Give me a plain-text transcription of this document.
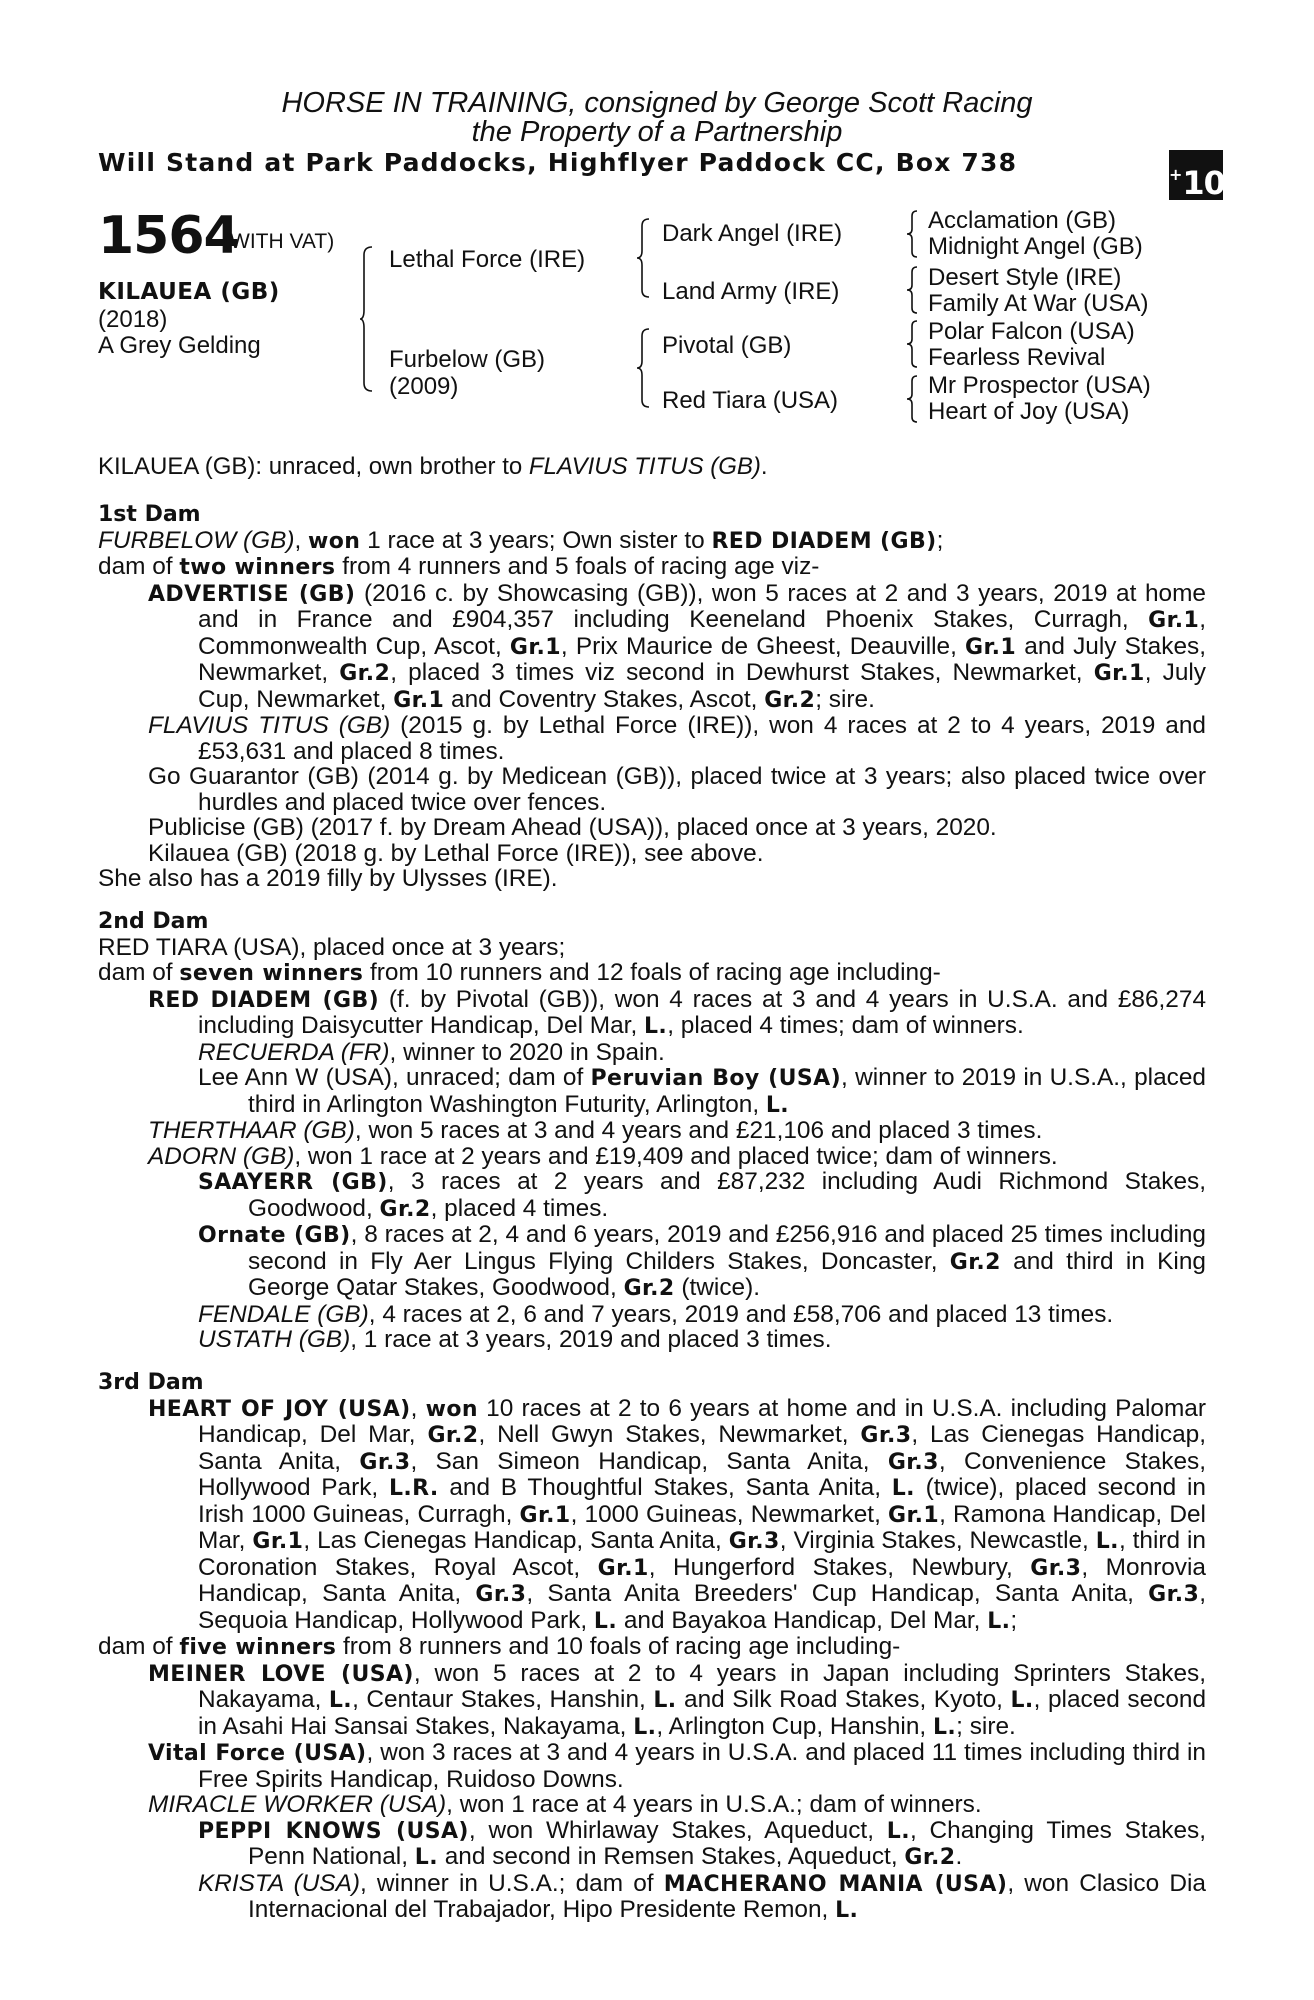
HORSE IN TRAINING, consigned by George Scott Racing
the Property of a Partnership
Will Stand at Park Paddocks, Highflyer Paddock CC, Box 738	+10
1564
(WITH VAT)
KILAUEA (GB)
(2018)
A Grey Gelding
Lethal Force (IRE)
Furbelow (GB)
(2009)
Dark Angel (IRE)
Land Army (IRE)
Pivotal (GB)
Red Tiara (USA)
Acclamation (GB)
Midnight Angel (GB)
Desert Style (IRE)
Family At War (USA)
Polar Falcon (USA)
Fearless Revival
Mr Prospector (USA)
Heart of Joy (USA)
KILAUEA (GB): unraced, own brother to FLAVIUS TITUS (GB).
1st Dam

FURBELOW (GB), won 1 race at 3 years; Own sister to RED DIADEM (GB);

dam of two winners from 4 runners and 5 foals of racing age viz-

ADVERTISE (GB) (2016 c. by Showcasing (GB)), won 5 races at 2 and 3 years, 2019 at home and in France and £904,357 including Keeneland Phoenix Stakes, Curragh, Gr.1, Commonwealth Cup, Ascot, Gr.1, Prix Maurice de Gheest, Deauville, Gr.1 and July Stakes, Newmarket, Gr.2, placed 3 times viz second in Dewhurst Stakes, Newmarket, Gr.1, July Cup, Newmarket, Gr.1 and Coventry Stakes, Ascot, Gr.2; sire.

FLAVIUS TITUS (GB) (2015 g. by Lethal Force (IRE)), won 4 races at 2 to 4 years, 2019 and £53,631 and placed 8 times.

Go Guarantor (GB) (2014 g. by Medicean (GB)), placed twice at 3 years; also placed twice over hurdles and placed twice over fences.

Publicise (GB) (2017 f. by Dream Ahead (USA)), placed once at 3 years, 2020.

Kilauea (GB) (2018 g. by Lethal Force (IRE)), see above.

She also has a 2019 filly by Ulysses (IRE).

2nd Dam

RED TIARA (USA), placed once at 3 years;

dam of seven winners from 10 runners and 12 foals of racing age including-

RED DIADEM (GB) (f. by Pivotal (GB)), won 4 races at 3 and 4 years in U.S.A. and £86,274 including Daisycutter Handicap, Del Mar, L., placed 4 times; dam of winners.

RECUERDA (FR), winner to 2020 in Spain.

Lee Ann W (USA), unraced; dam of Peruvian Boy (USA), winner to 2019 in U.S.A., placed third in Arlington Washington Futurity, Arlington, L.

THERTHAAR (GB), won 5 races at 3 and 4 years and £21,106 and placed 3 times.

ADORN (GB), won 1 race at 2 years and £19,409 and placed twice; dam of winners.

SAAYERR (GB), 3 races at 2 years and £87,232 including Audi Richmond Stakes, Goodwood, Gr.2, placed 4 times.

Ornate (GB), 8 races at 2, 4 and 6 years, 2019 and £256,916 and placed 25 times including second in Fly Aer Lingus Flying Childers Stakes, Doncaster, Gr.2 and third in King George Qatar Stakes, Goodwood, Gr.2 (twice).

FENDALE (GB), 4 races at 2, 6 and 7 years, 2019 and £58,706 and placed 13 times.

USTATH (GB), 1 race at 3 years, 2019 and placed 3 times.

3rd Dam

HEART OF JOY (USA), won 10 races at 2 to 6 years at home and in U.S.A. including Palomar Handicap, Del Mar, Gr.2, Nell Gwyn Stakes, Newmarket, Gr.3, Las Cienegas Handicap, Santa Anita, Gr.3, San Simeon Handicap, Santa Anita, Gr.3, Convenience Stakes, Hollywood Park, L.R. and B Thoughtful Stakes, Santa Anita, L. (twice), placed second in Irish 1000 Guineas, Curragh, Gr.1, 1000 Guineas, Newmarket, Gr.1, Ramona Handicap, Del Mar, Gr.1, Las Cienegas Handicap, Santa Anita, Gr.3, Virginia Stakes, Newcastle, L., third in Coronation Stakes, Royal Ascot, Gr.1, Hungerford Stakes, Newbury, Gr.3, Monrovia Handicap, Santa Anita, Gr.3, Santa Anita Breeders' Cup Handicap, Santa Anita, Gr.3, Sequoia Handicap, Hollywood Park, L. and Bayakoa Handicap, Del Mar, L.;

dam of five winners from 8 runners and 10 foals of racing age including-

MEINER LOVE (USA), won 5 races at 2 to 4 years in Japan including Sprinters Stakes, Nakayama, L., Centaur Stakes, Hanshin, L. and Silk Road Stakes, Kyoto, L., placed second in Asahi Hai Sansai Stakes, Nakayama, L., Arlington Cup, Hanshin, L.; sire.

Vital Force (USA), won 3 races at 3 and 4 years in U.S.A. and placed 11 times including third in Free Spirits Handicap, Ruidoso Downs.

MIRACLE WORKER (USA), won 1 race at 4 years in U.S.A.; dam of winners.

PEPPI KNOWS (USA), won Whirlaway Stakes, Aqueduct, L., Changing Times Stakes, Penn National, L. and second in Remsen Stakes, Aqueduct, Gr.2.

KRISTA (USA), winner in U.S.A.; dam of MACHERANO MANIA (USA), won Clasico Dia Internacional del Trabajador, Hipo Presidente Remon, L.
